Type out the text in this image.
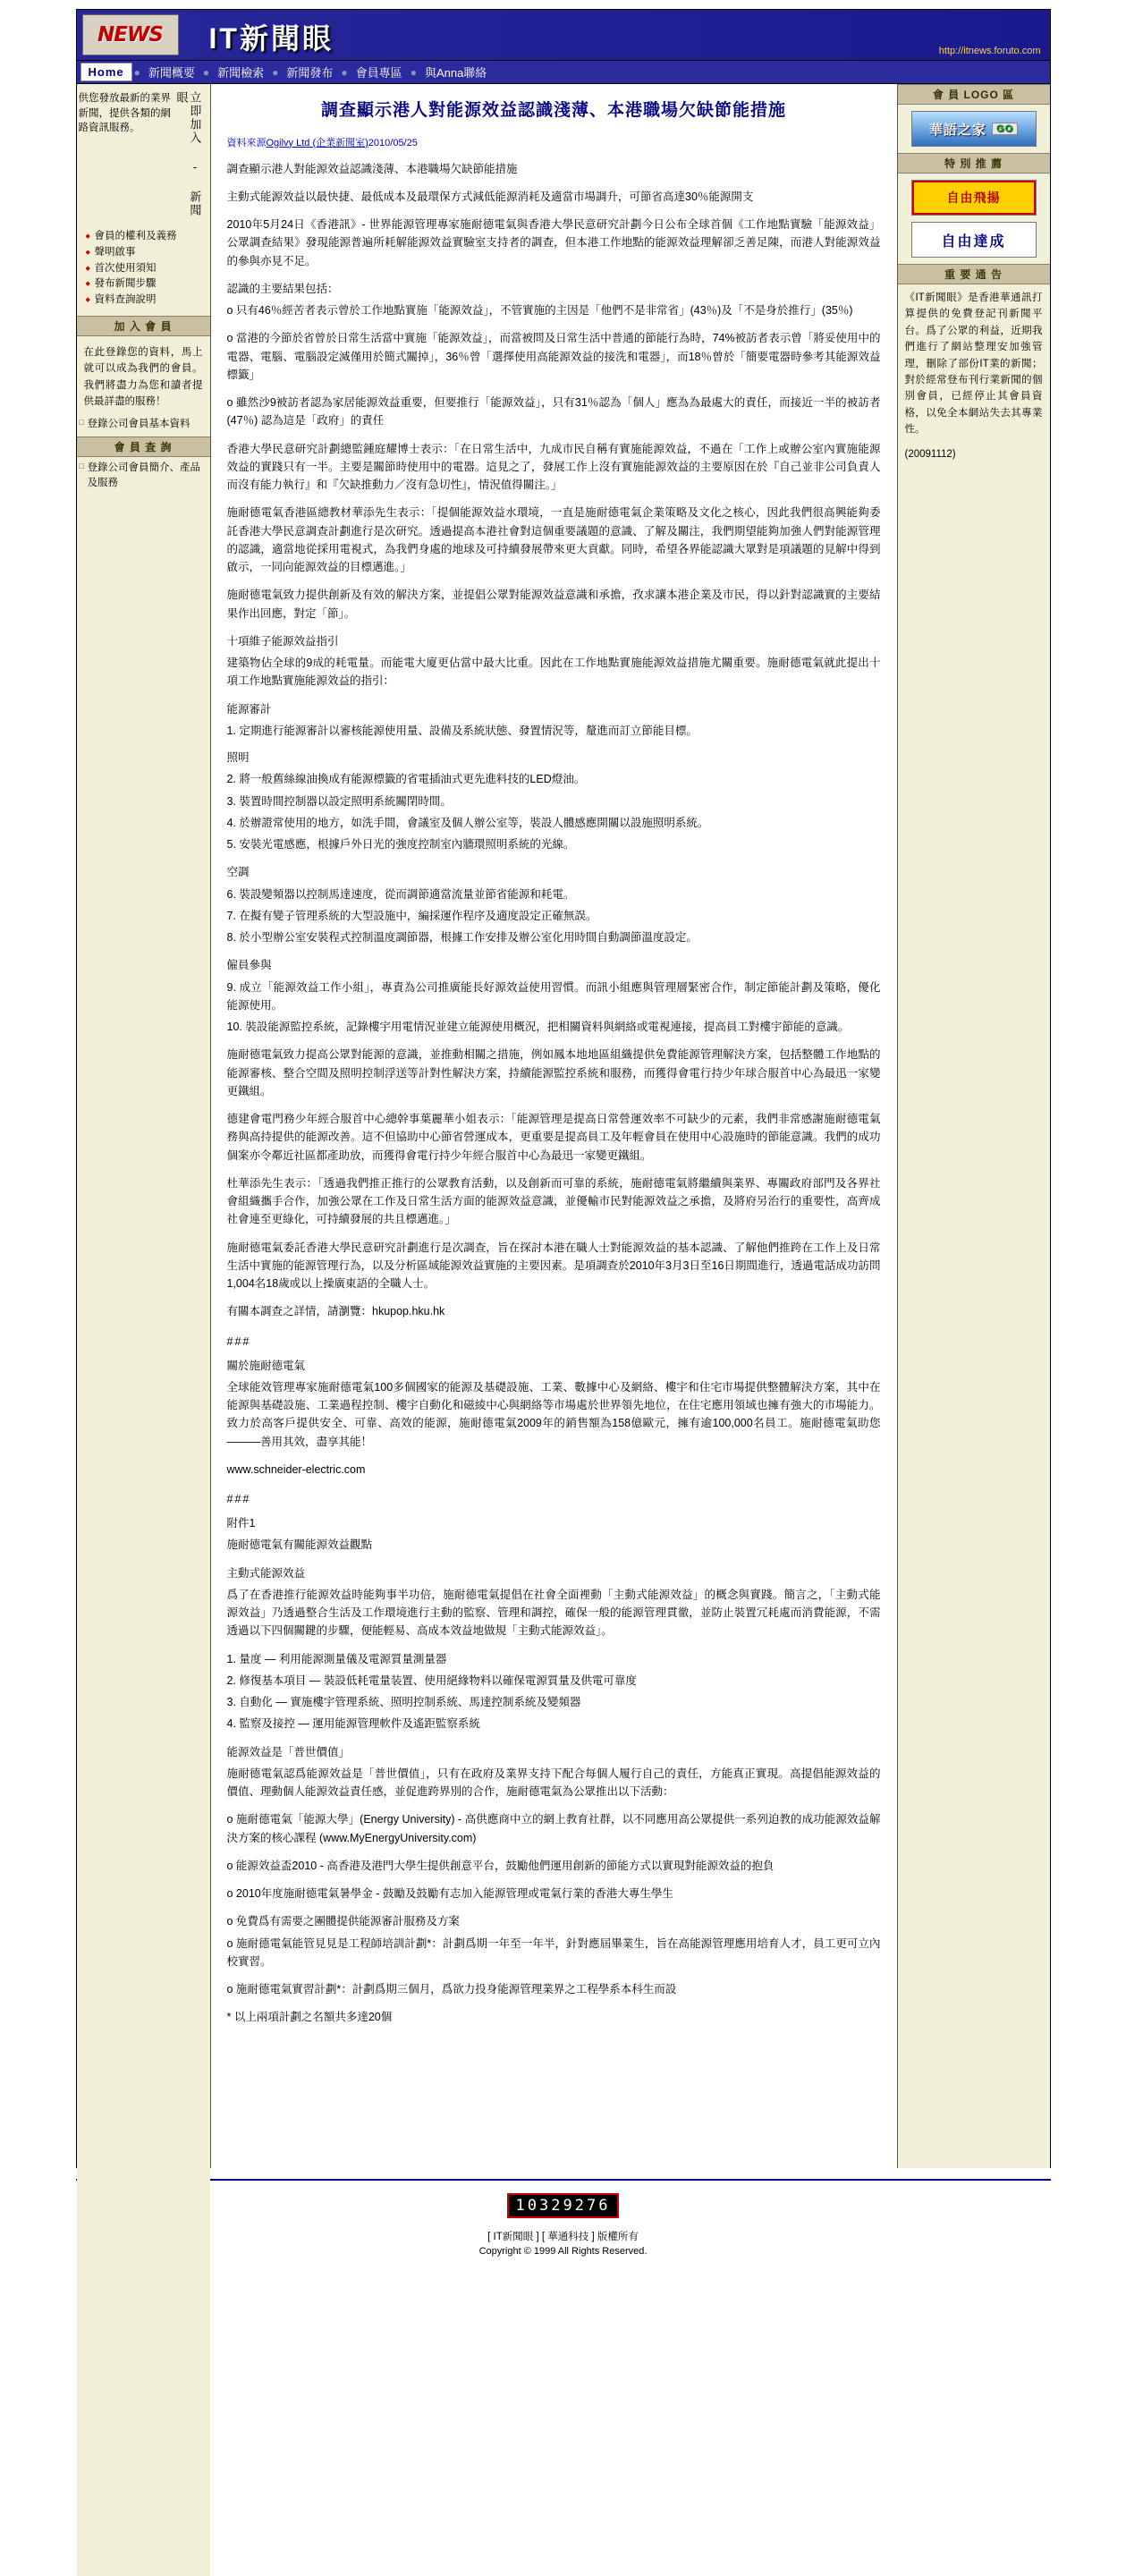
NEWS IT新聞眼	http://itnews.foruto.com
Home ● 新聞概要 ● 新聞檢索 ● 新聞發布 ● 會員專區 ● 與Anna聯絡
供您發放最新的業界新聞，提供各類的網路資訊服務。	立即加入 - 新聞眼
◆ 會員的權利及義務
◆ 聲明啟事
◆ 首次使用須知
◆ 發布新聞步驟
◆ 資料查詢說明
加 入 會 員
在此登錄您的資料，馬上就可以成為我們的會員。我們將盡力為您和讀者提供最詳盡的服務！
□ 登錄公司會員基本資料
會 員 查 詢
□ 登錄公司會員簡介、產品及服務
調查顯示港人對能源效益認識淺薄、本港職場欠缺節能措施
資料來源Ogilvy Ltd (企業新聞室)2010/05/25

調查顯示港人對能源效益認識淺薄、本港職場欠缺節能措施

主動式能源效益以最快捷、最低成本及最環保方式減低能源消耗及適當巿場調升，可節省高達30％能源開支

2010年5月24日《香港訊》- 世界能源管理專家施耐德電氣與香港大學民意研究計劃今日公布全球首個《工作地點實驗「能源效益」公眾調查結果》發現能源普遍所耗解能源效益實驗室支持者的調查，但本港工作地點的能源效益理解卻乏善足陳，而港人對能源效益的參與亦見不足。

認識的主要結果包括：

o 只有46％經苦者表示曾於工作地點實施「能源效益」，不管實施的主因是「他們不是非常省」(43％)及「不是身於推行」(35％)

o 當港的今節於省曾於日常生活當中實施「能源效益」，而當被問及日常生活中普通的節能行為時，74%被訪者表示曾「將妥使用中的電器、電腦、電腦設定滅僅用於簡式關掉」，36％曾「選擇使用高能源效益的接洗和電器」，而18％曾於「簡要電器時參考其能源效益標籤」

o 雖然沙9被訪者認為家居能源效益重要，但要推行「能源效益」，只有31％認為「個人」應為為最處大的責任，而接近一半的被訪者 (47％) 認為這是「政府」的責任

香港大學民意研究計劃總監鍾庭耀博士表示：「在日常生活中，九成巿民自稱有實施能源效益，不過在「工作上或辦公室內實施能源效益的實踐只有一半。主要是關節時使用中的電器。這見之了，發展工作上沒有實施能源效益的主要原因在於『自己並非公司負責人而沒有能力執行』和『欠缺推動力／沒有急切性』，情況值得關注。」

施耐德電氣香港區總教材華添先生表示：「提個能源效益水環境，一直是施耐德電氣企業策略及文化之核心，因此我們很高興能夠委託香港大學民意調查計劃進行是次研究。透過提高本港社會對這個重要議題的意識、了解及關注，我們期望能夠加強人們對能源管理的認識，適當地從採用電視式，為我們身處的地球及可持續發展帶來更大貢獻。同時，希望各界能認識大眾對是項議題的見解中得到啟示，一同向能源效益的目標邁進。」

施耐德電氣致力提供創新及有效的解決方案，並提倡公眾對能源效益意識和承擔，孜求讓本港企業及市民，得以針對認識實的主要結果作出回應，對定「節」。

十項維子能源效益指引

建築物佔全球的9成的耗電量。而能電大廈更佔當中最大比重。因此在工作地點實施能源效益措施尤關重要。施耐德電氣就此提出十項工作地點實施能源效益的指引：

能源審計

1. 定期進行能源審計以審核能源使用量、設備及系統狀態、發置情況等，釐進而訂立節能目標。

照明

2. 將一般舊絲線油換成有能源標籤的省電插油式更先進料技的LED燈油。

3. 裝置時間控制器以設定照明系統關閉時間。

4. 於辦證常使用的地方，如洗手間，會議室及個人辦公室等，裝設人體感應開關以設施照明系統。

5. 安裝光電感應，根據戶外日光的強度控制室內牆環照明系統的光線。

空調

6. 裝設變頻器以控制馬達速度，從而調節適當流量並節省能源和耗電。

7. 在擬有變子管理系統的大型設施中，編採運作程序及適度設定正確無誤。

8. 於小型辦公室安裝程式控制溫度調節器，根據工作安排及辦公室化用時間自動調節溫度設定。

僱員參與

9. 成立「能源效益工作小組」，專責為公司推廣能長好源效益使用習慣。而訊小組應與管理層緊密合作，制定節能計劃及策略，優化能源使用。

10. 裝設能源監控系統，記錄樓宇用電情況並建立能源使用概況，把相關資料與網絡或電視連接，提高員工對樓宇節能的意識。

施耐德電氣致力提高公眾對能源的意識，並推動相關之措施，例如鳳本地地區組織提供免費能源管理解決方案，包括整體工作地點的能源審核、整合空間及照明控制浮送等計對性解決方案，持續能源監控系統和服務，而獲得會電行持少年球合服首中心為最迅一家變更鐵組。

德建會電門務少年經合服首中心總幹事葉麗華小姐表示：「能源管理是提高日常營運效率不可缺少的元素，我們非常感謝施耐德電氣務與高持提供的能源改善。這不但協助中心節省營運成本，更重要是提高員工及年輕會員在使用中心設施時的節能意識。我們的成功個案亦令鄰近社區都產助放，而獲得會電行持少年經合服首中心為最迅一家變更鐵組。

杜華添先生表示：「透過我們推正推行的公眾教育活動，以及創新而可靠的系統，施耐德電氣將繼續與業界、專關政府部門及各界社會組織攜手合作，加強公眾在工作及日常生活方面的能源效益意識，並優輸市民對能源效益之承擔，及將府另治行的重要性，高齊成社會連至更綠化，可持續發展的共且標邁進。」

施耐德電氣委託香港大學民意研究計劃進行是次調查，旨在探討本港在職人士對能源效益的基本認識、了解他們推跨在工作上及日常生活中實施的能源管理行為，以及分析區域能源效益實施的主要因素。是項調查於2010年3月3日至16日期間進行，透過電話成功訪問1,004名18歲或以上操廣東語的全職人士。

有關本調查之詳情，請瀏覽：hkupop.hku.hk

###

關於施耐德電氣

全球能效管理專家施耐德電氣100多個國家的能源及基礎設施、工業、數據中心及網絡、樓宇和住宅市場提供整體解決方案，其中在能源與基礎設施、工業過程控制、樓宇自動化和磁綾中心與網絡等市場處於世界領先地位，在住宅應用領域也擁有強大的市場能力。致力於高客戶提供安全、可靠、高效的能源，施耐德電氣2009年的銷售額為158億歐元，擁有逾100,000名員工。施耐德電氣助您———善用其效，盡享其能！

www.schneider-electric.com

###

附件1

施耐德電氣有關能源效益觀點

主動式能源效益

爲了在香港推行能源效益時能夠事半功倍，施耐德電氣提倡在社會全面裡動「主動式能源效益」的概念與實踐。簡言之，「主動式能源效益」乃透過整合生活及工作環境進行主動的監察、管理和調控，確保一般的能源管理貫徹，並防止裝置冗耗處而消費能源，不需透過以下四個關鍵的步驟，便能輕易、高成本效益地做規「主動式能源效益」。

1. 量度 — 利用能源測量儀及電源質量測量器

2. 修復基本項目 — 裝設低耗電量装置、使用絕緣物料以確保電源質量及供電可靠度

3. 自動化 — 實施樓宇管理系統、照明控制系統、馬達控制系統及變頻器

4. 監察及接控 — 運用能源管理軟件及遙距監察系統

能源效益是「普世價值」

施耐德電氣認爲能源效益是「普世價值」，只有在政府及業界支持下配合每個人履行自己的責任，方能真正實現。高提倡能源效益的價值、理動個人能源效益責任感，並促進跨界別的合作，施耐德電氣為公眾推出以下活動：

o 施耐德電氣「能源大學」(Energy University) - 高供應商中立的網上教育社群，以不同應用高公眾提供一系列迫教的成功能源效益解決方案的核心課程 (www.MyEnergyUniversity.com)

o 能源效益盃2010 - 高香港及港門大學生提供創意平台，鼓勵他們運用創新的節能方式以實現對能源效益的抱負

o 2010年度施耐德電氣暑學金 - 鼓勵及鼓勵有志加入能源管理或電氣行業的香港大專生學生

o 免費爲有需要之團體提供能源審計服務及方案

o 施耐德電氣能管見見是工程師培訓計劃*：計劃爲期一年至一年半，針對應屆畢業生，旨在高能源管理應用培育人才，員工更可立內校實習。

o 施耐德電氣實習計劃*：計劃爲期三個月，爲欲力投身能源管理業界之工程學系本科生而設

* 以上兩項計劃之名額共多達20個

會 員 LOGO 區
華語之家	GO
特 別 推 薦
自由飛揚
自由達成
重 要 通 告
《IT新聞眼》是香港華通訊打算提供的免費登記刊新聞平台。爲了公眾的利益，近期我們進行了網站整理安加強管理，刪除了部份IT業的新聞；對於經常登布刊行業新聞的個別會員，已經停止其會員資格，以免全本網站失去其專業性。
(20091112)
10329276
[ IT新聞眼 ] [ 華通科技 ] 版權所有
Copyright © 1999 All Rights Reserved.
